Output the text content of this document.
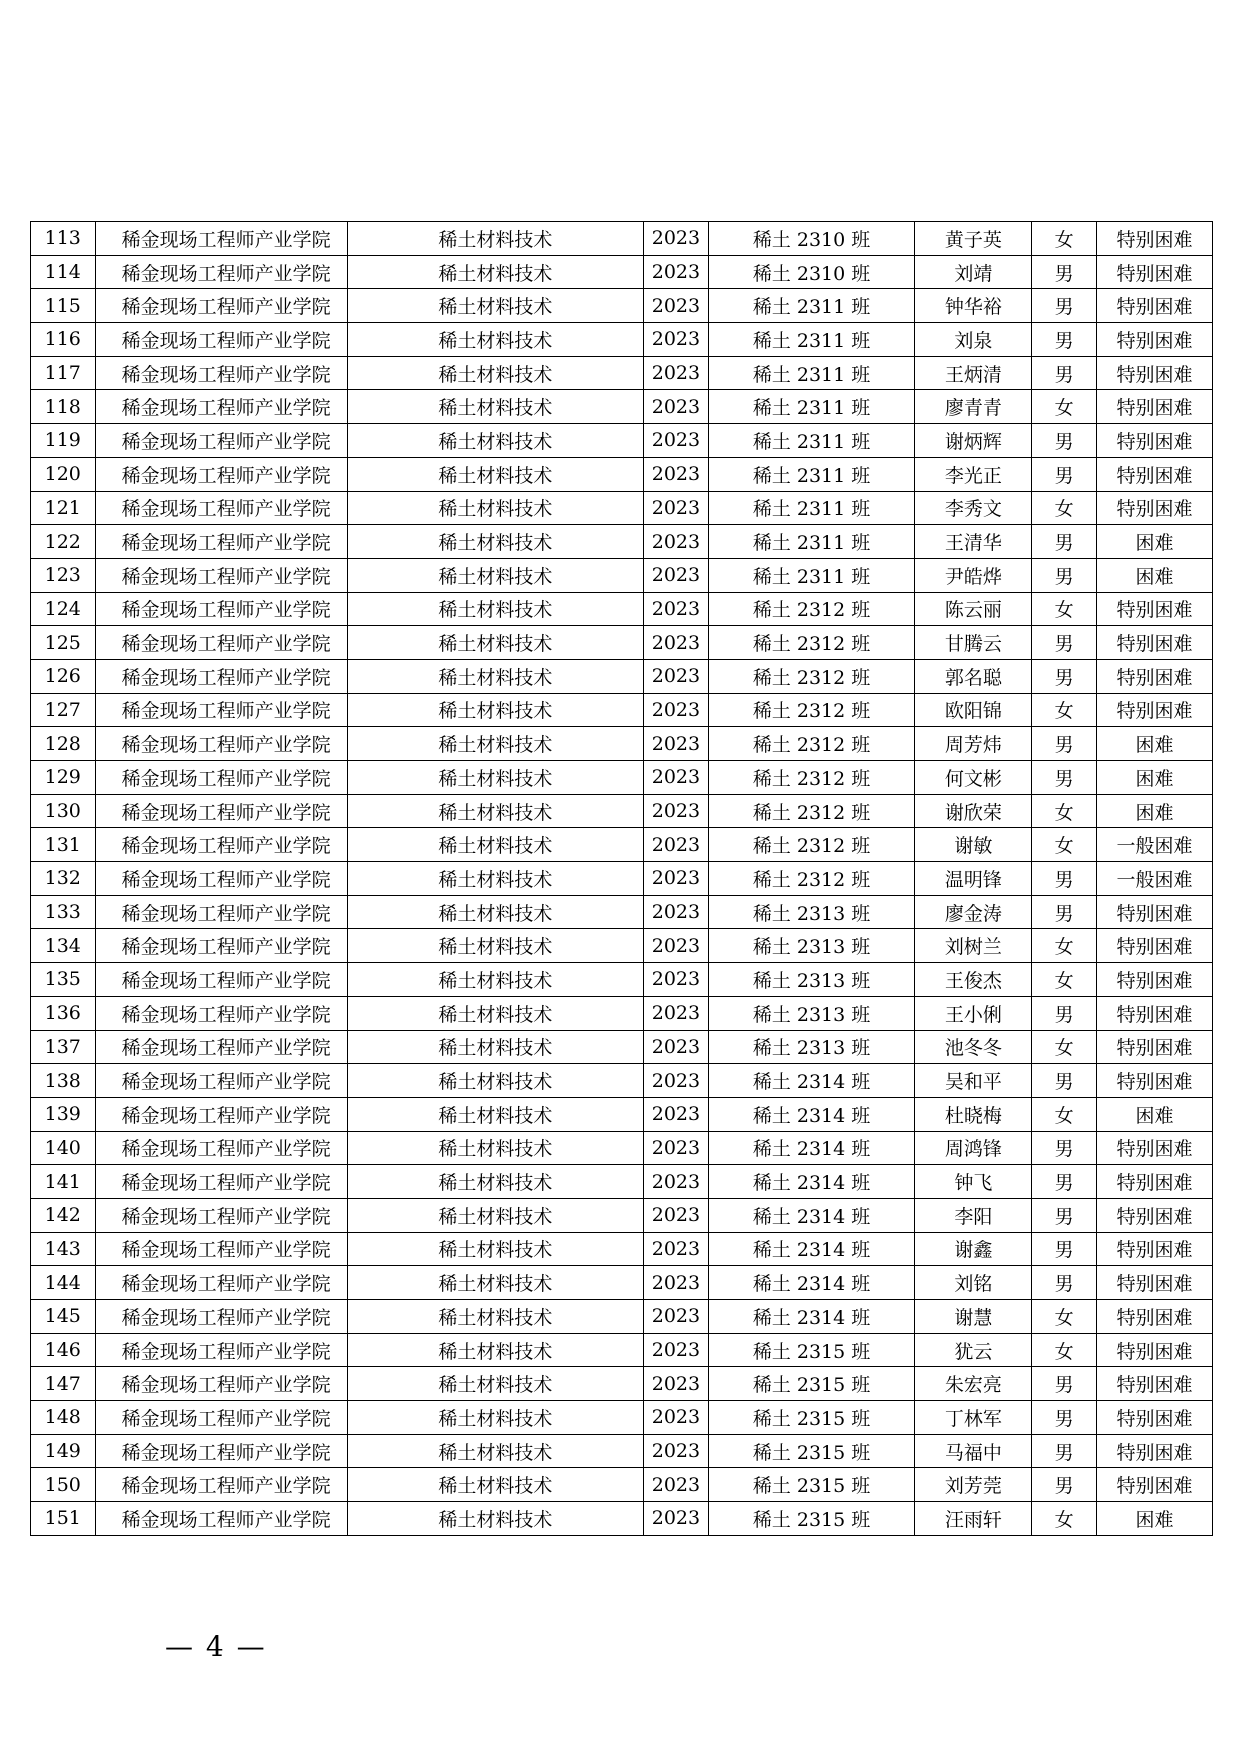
113	稀金现场工程师产业学院	稀土材料技术	2023	稀土 2310 班	黄子英	女	特别困难
114	稀金现场工程师产业学院	稀土材料技术	2023	稀土 2310 班	刘靖	男	特别困难
115	稀金现场工程师产业学院	稀土材料技术	2023	稀土 2311 班	钟华裕	男	特别困难
116	稀金现场工程师产业学院	稀土材料技术	2023	稀土 2311 班	刘泉	男	特别困难
117	稀金现场工程师产业学院	稀土材料技术	2023	稀土 2311 班	王炳清	男	特别困难
118	稀金现场工程师产业学院	稀土材料技术	2023	稀土 2311 班	廖青青	女	特别困难
119	稀金现场工程师产业学院	稀土材料技术	2023	稀土 2311 班	谢炳辉	男	特别困难
120	稀金现场工程师产业学院	稀土材料技术	2023	稀土 2311 班	李光正	男	特别困难
121	稀金现场工程师产业学院	稀土材料技术	2023	稀土 2311 班	李秀文	女	特别困难
122	稀金现场工程师产业学院	稀土材料技术	2023	稀土 2311 班	王清华	男	困难
123	稀金现场工程师产业学院	稀土材料技术	2023	稀土 2311 班	尹皓烨	男	困难
124	稀金现场工程师产业学院	稀土材料技术	2023	稀土 2312 班	陈云丽	女	特别困难
125	稀金现场工程师产业学院	稀土材料技术	2023	稀土 2312 班	甘腾云	男	特别困难
126	稀金现场工程师产业学院	稀土材料技术	2023	稀土 2312 班	郭名聪	男	特别困难
127	稀金现场工程师产业学院	稀土材料技术	2023	稀土 2312 班	欧阳锦	女	特别困难
128	稀金现场工程师产业学院	稀土材料技术	2023	稀土 2312 班	周芳炜	男	困难
129	稀金现场工程师产业学院	稀土材料技术	2023	稀土 2312 班	何文彬	男	困难
130	稀金现场工程师产业学院	稀土材料技术	2023	稀土 2312 班	谢欣荣	女	困难
131	稀金现场工程师产业学院	稀土材料技术	2023	稀土 2312 班	谢敏	女	一般困难
132	稀金现场工程师产业学院	稀土材料技术	2023	稀土 2312 班	温明锋	男	一般困难
133	稀金现场工程师产业学院	稀土材料技术	2023	稀土 2313 班	廖金涛	男	特别困难
134	稀金现场工程师产业学院	稀土材料技术	2023	稀土 2313 班	刘树兰	女	特别困难
135	稀金现场工程师产业学院	稀土材料技术	2023	稀土 2313 班	王俊杰	女	特别困难
136	稀金现场工程师产业学院	稀土材料技术	2023	稀土 2313 班	王小俐	男	特别困难
137	稀金现场工程师产业学院	稀土材料技术	2023	稀土 2313 班	池冬冬	女	特别困难
138	稀金现场工程师产业学院	稀土材料技术	2023	稀土 2314 班	吴和平	男	特别困难
139	稀金现场工程师产业学院	稀土材料技术	2023	稀土 2314 班	杜晓梅	女	困难
140	稀金现场工程师产业学院	稀土材料技术	2023	稀土 2314 班	周鸿锋	男	特别困难
141	稀金现场工程师产业学院	稀土材料技术	2023	稀土 2314 班	钟飞	男	特别困难
142	稀金现场工程师产业学院	稀土材料技术	2023	稀土 2314 班	李阳	男	特别困难
143	稀金现场工程师产业学院	稀土材料技术	2023	稀土 2314 班	谢鑫	男	特别困难
144	稀金现场工程师产业学院	稀土材料技术	2023	稀土 2314 班	刘铭	男	特别困难
145	稀金现场工程师产业学院	稀土材料技术	2023	稀土 2314 班	谢慧	女	特别困难
146	稀金现场工程师产业学院	稀土材料技术	2023	稀土 2315 班	犹云	女	特别困难
147	稀金现场工程师产业学院	稀土材料技术	2023	稀土 2315 班	朱宏亮	男	特别困难
148	稀金现场工程师产业学院	稀土材料技术	2023	稀土 2315 班	丁林军	男	特别困难
149	稀金现场工程师产业学院	稀土材料技术	2023	稀土 2315 班	马福中	男	特别困难
150	稀金现场工程师产业学院	稀土材料技术	2023	稀土 2315 班	刘芳莞	男	特别困难
151	稀金现场工程师产业学院	稀土材料技术	2023	稀土 2315 班	汪雨轩	女	困难
— 4 —
